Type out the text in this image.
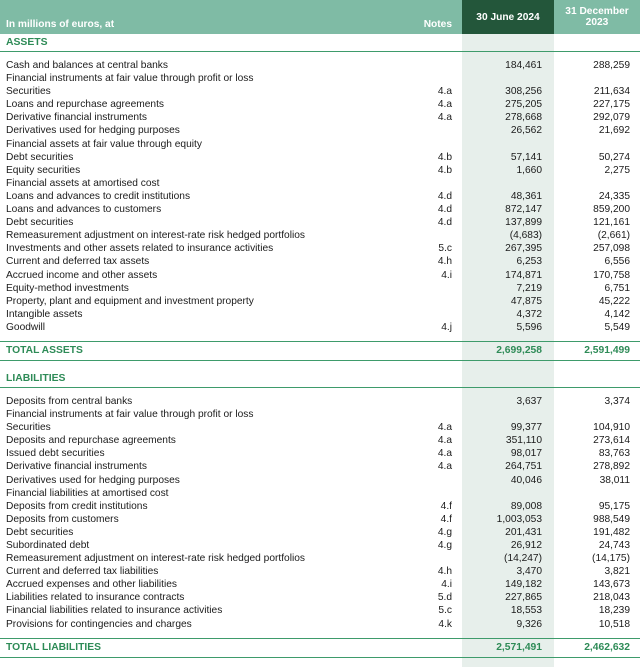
In millions of euros, at	Notes	30 June 2024	31 December 2023
ASSETS			

Cash and balances at central banks		184,461	288,259
Financial instruments at fair value through profit or loss			
Securities	4.a	308,256	211,634
Loans and repurchase agreements	4.a	275,205	227,175
Derivative financial instruments	4.a	278,668	292,079
Derivatives used for hedging purposes		26,562	21,692
Financial assets at fair value through equity			
Debt securities	4.b	57,141	50,274
Equity securities	4.b	1,660	2,275
Financial assets at amortised cost			
Loans and advances to credit institutions	4.d	48,361	24,335
Loans and advances to customers	4.d	872,147	859,200
Debt securities	4.d	137,899	121,161
Remeasurement adjustment on interest-rate risk hedged portfolios		(4,683)	(2,661)
Investments and other assets related to insurance activities	5.c	267,395	257,098
Current and deferred tax assets	4.h	6,253	6,556
Accrued income and other assets	4.i	174,871	170,758
Equity-method investments		7,219	6,751
Property, plant and equipment and investment property		47,875	45,222
Intangible assets		4,372	4,142
Goodwill	4.j	5,596	5,549

TOTAL ASSETS		2,699,258	2,591,499

LIABILITIES			

Deposits from central banks		3,637	3,374
Financial instruments at fair value through profit or loss			
Securities	4.a	99,377	104,910
Deposits and repurchase agreements	4.a	351,110	273,614
Issued debt securities	4.a	98,017	83,763
Derivative financial instruments	4.a	264,751	278,892
Derivatives used for hedging purposes		40,046	38,011
Financial liabilities at amortised cost			
Deposits from credit institutions	4.f	89,008	95,175
Deposits from customers	4.f	1,003,053	988,549
Debt securities	4.g	201,431	191,482
Subordinated debt	4.g	26,912	24,743
Remeasurement adjustment on interest-rate risk hedged portfolios		(14,247)	(14,175)
Current and deferred tax liabilities	4.h	3,470	3,821
Accrued expenses and other liabilities	4.i	149,182	143,673
Liabilities related to insurance contracts	5.d	227,865	218,043
Financial liabilities related to insurance activities	5.c	18,553	18,239
Provisions for contingencies and charges	4.k	9,326	10,518

TOTAL LIABILITIES		2,571,491	2,462,632
